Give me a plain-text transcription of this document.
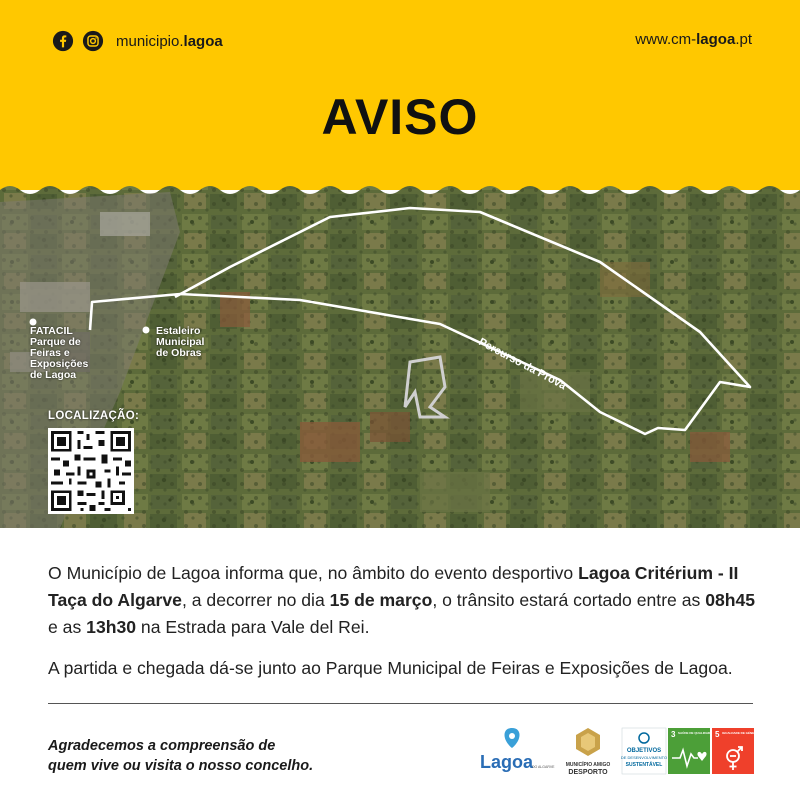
municipio.lagoa	www.cm-lagoa.pt
AVISO
Percurso da Prova
FATACIL
Parque de
Feiras e
Exposições
de Lagoa
Estaleiro
Municipal
de Obras
LOCALIZAÇÃO:

O Município de Lagoa informa que, no âmbito do evento desportivo Lagoa Critérium - II Taça do Algarve, a decorrer no dia 15 de março, o trânsito estará cortado entre as 08h45 e as 13h30 na Estrada para Vale del Rei.

A partida e chegada dá-se junto ao Parque Municipal de Feiras e Exposições de Lagoa.

Agradecemos a compreensão de
quem vive ou visita o nosso concelho.	Lagoa
DO ALGARVE MUNICÍPIO AMIGO
DESPORTO
OBJETIVOS
DE DESENVOLVIMENTO
SUSTENTÁVEL
3 SAÚDE DE QUALIDADE 5 IGUALDADE DE GÉNERO
